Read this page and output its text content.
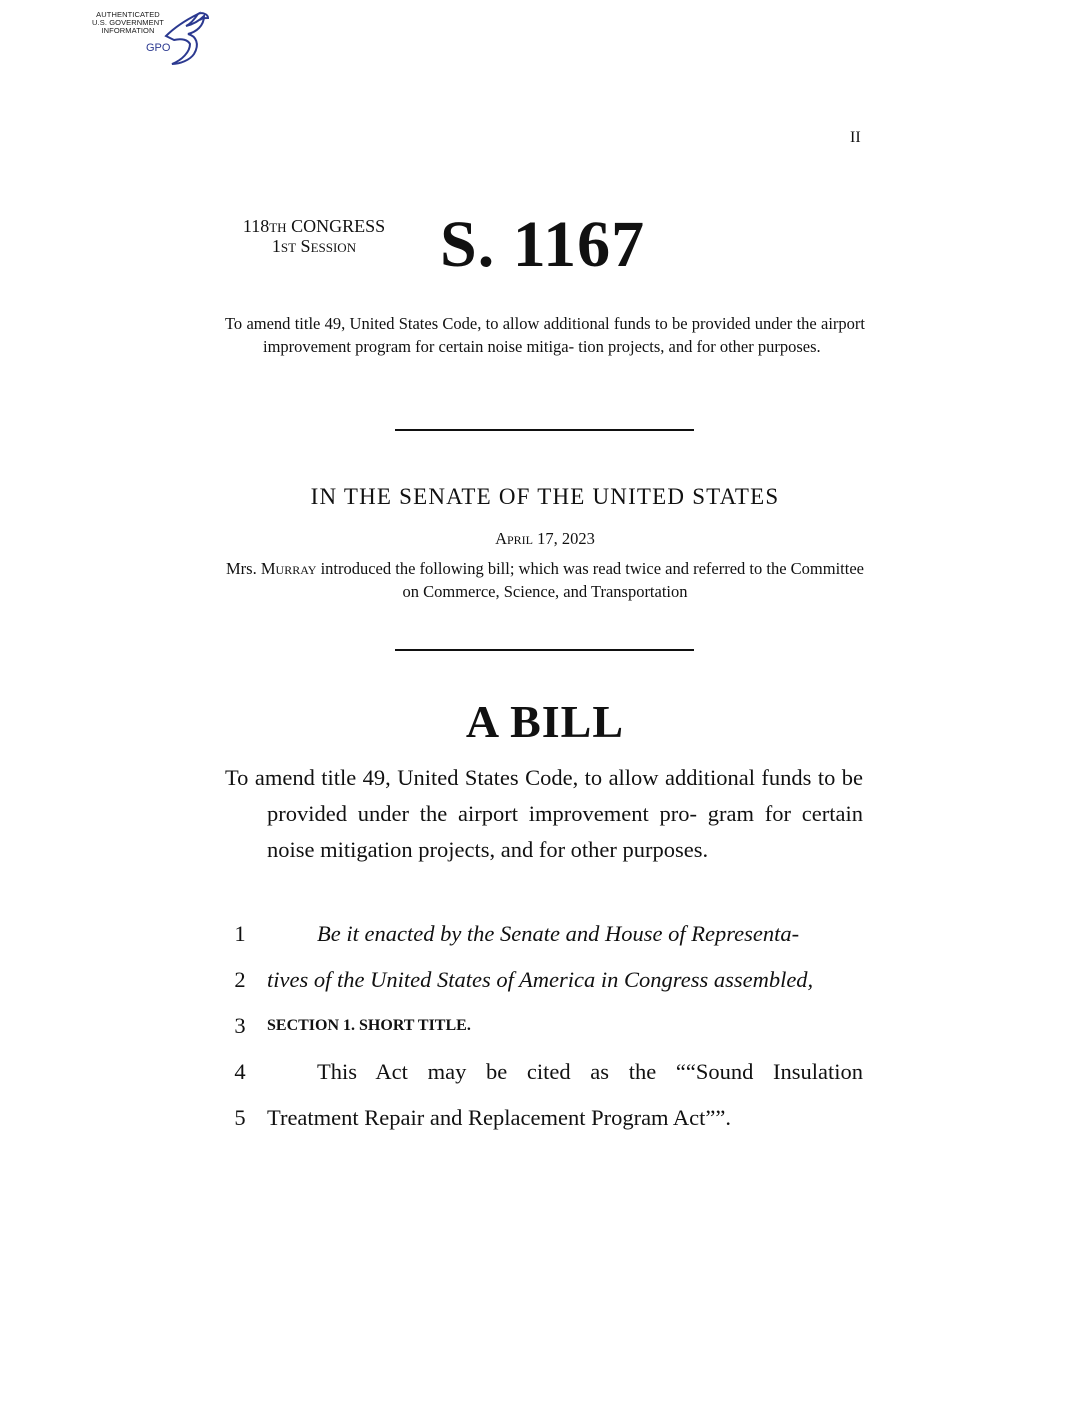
AUTHENTICATED
U.S. GOVERNMENT
INFORMATION
GPO
II
118th CONGRESS
1st Session	S. 1167

To amend title 49, United States Code, to allow additional funds to be provided under the airport improvement program for certain noise mitiga- tion projects, and for other purposes.

IN THE SENATE OF THE UNITED STATES
April 17, 2023
Mrs. Murray introduced the following bill; which was read twice and referred to the Committee on Commerce, Science, and Transportation
A BILL

To amend title 49, United States Code, to allow additional funds to be provided under the airport improvement pro- gram for certain noise mitigation projects, and for other purposes.

1	Be it enacted by the Senate and House of Representa-
2 tives of the United States of America in Congress assembled,
3	SECTION 1. SHORT TITLE.
4	This Act may be cited as the ““Sound Insulation
5 Treatment Repair and Replacement Program Act””.
